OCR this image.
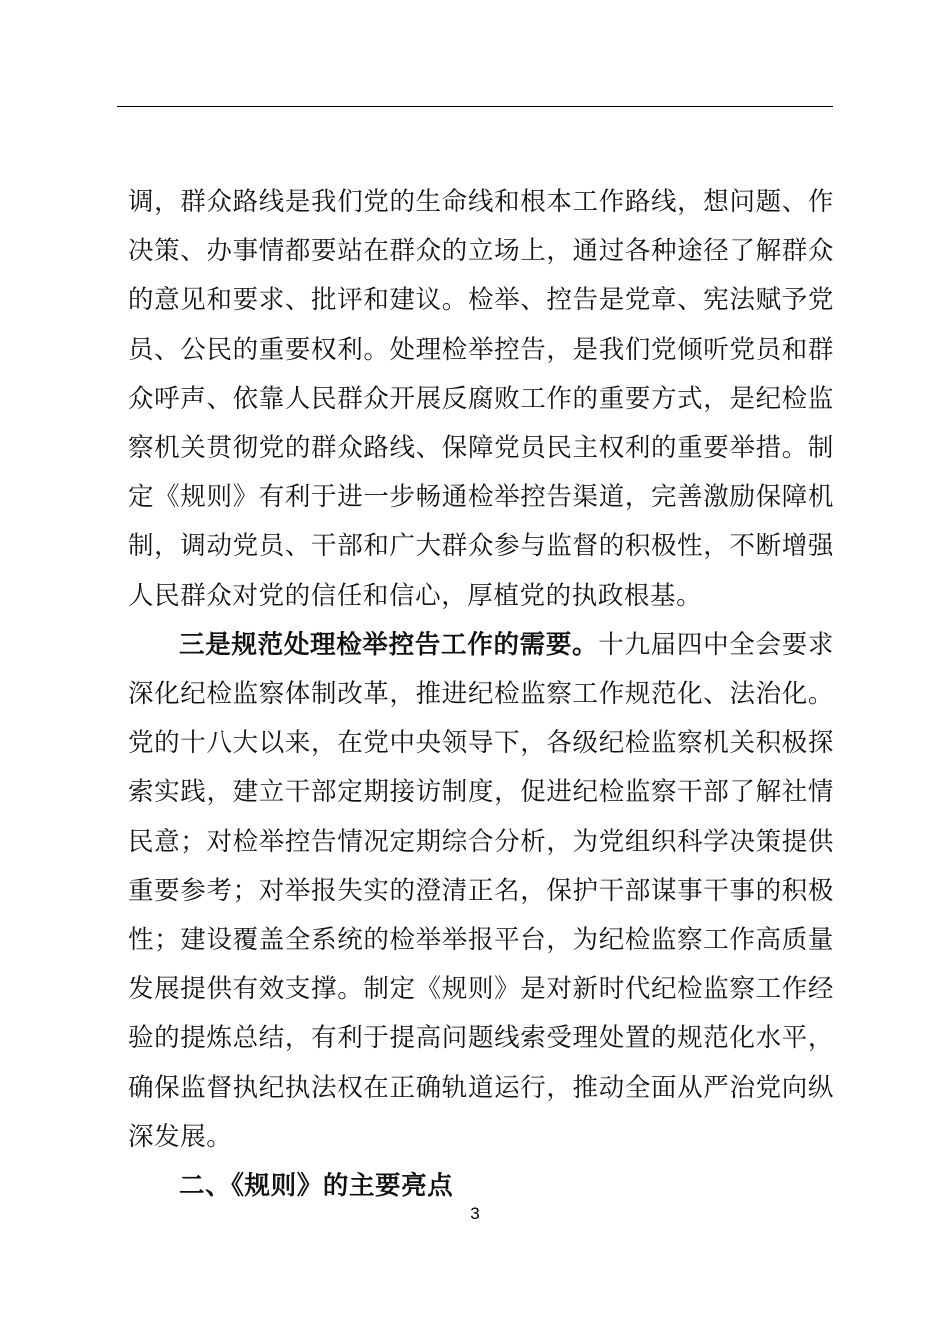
调，群众路线是我们党的生命线和根本工作路线，想问题、作决策、办事情都要站在群众的立场上，通过各种途径了解群众的意见和要求、批评和建议。检举、控告是党章、宪法赋予党员、公民的重要权利。处理检举控告，是我们党倾听党员和群众呼声、依靠人民群众开展反腐败工作的重要方式，是纪检监察机关贯彻党的群众路线、保障党员民主权利的重要举措。制定《规则》有利于进一步畅通检举控告渠道，完善激励保障机制，调动党员、干部和广大群众参与监督的积极性，不断增强人民群众对党的信任和信心，厚植党的执政根基。

三是规范处理检举控告工作的需要。十九届四中全会要求深化纪检监察体制改革，推进纪检监察工作规范化、法治化。党的十八大以来，在党中央领导下，各级纪检监察机关积极探索实践，建立干部定期接访制度，促进纪检监察干部了解社情民意；对检举控告情况定期综合分析，为党组织科学决策提供重要参考；对举报失实的澄清正名，保护干部谋事干事的积极性；建设覆盖全系统的检举举报平台，为纪检监察工作高质量发展提供有效支撑。制定《规则》是对新时代纪检监察工作经验的提炼总结，有利于提高问题线索受理处置的规范化水平，确保监督执纪执法权在正确轨道运行，推动全面从严治党向纵深发展。

二、《规则》的主要亮点

3
